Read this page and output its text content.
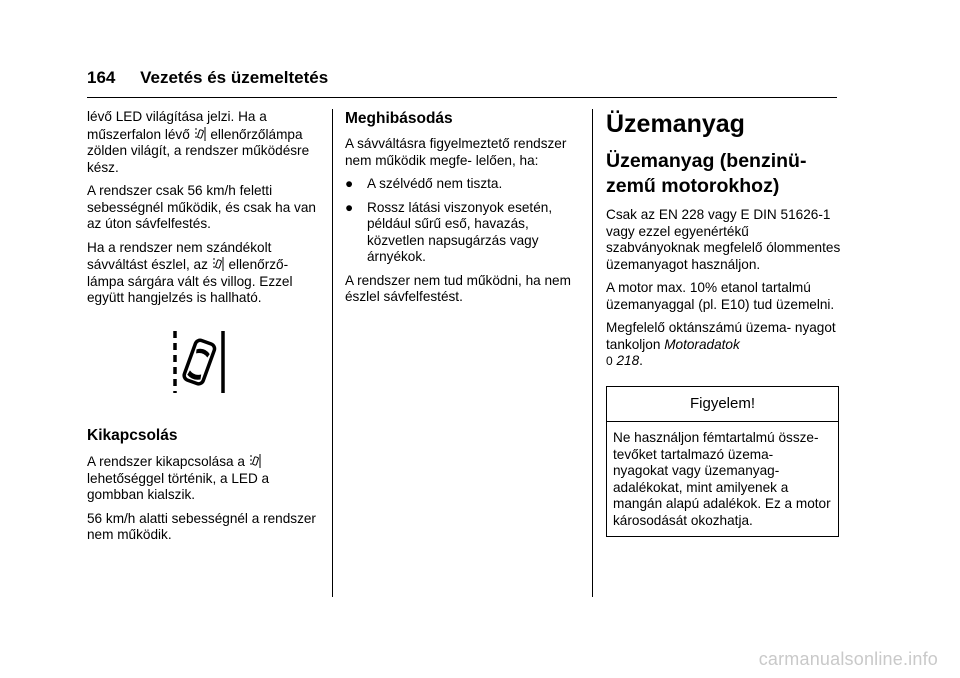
164 Vezetés és üzemeltetés

lévő LED világítása jelzi. Ha a műszerfalon lévő ellenőrzőlámpa zölden világít, a rendszer működésre kész.

A rendszer csak 56 km/h feletti sebességnél működik, és csak ha van az úton sávfelfestés.

Ha a rendszer nem szándékolt sávváltást észlel, az ellenőrző- lámpa sárgára vált és villog. Ezzel együtt hangjelzés is hallható.

Kikapcsolás

A rendszer kikapcsolása a  lehetőséggel történik, a LED a gombban kialszik.

56 km/h alatti sebességnél a rendszer nem működik.

Meghibásodás

A sávváltásra figyelmeztető rendszer nem működik megfe- lelően, ha:

●	A szélvédő nem tiszta.
●	Rossz látási viszonyok esetén, például sűrű eső, havazás, közvetlen napsugárzás vagy árnyékok.

A rendszer nem tud működni, ha nem észlel sávfelfestést.

Üzemanyag
Üzemanyag (benzinü- zemű motorokhoz)

Csak az EN 228 vagy E DIN 51626-1 vagy ezzel egyenértékű szabványoknak megfelelő ólommentes üzemanyagot használjon.

A motor max. 10% etanol tartalmú üzemanyaggal (pl. E10) tud üzemelni.

Megfelelő oktánszámú üzema- nyagot tankoljon Motoradatok
0 218.

Figyelem!
Ne használjon fémtartalmú össze- tevőket tartalmazó üzema- nyagokat vagy üzemanyag-adalékokat, mint amilyenek a mangán alapú adalékok. Ez a motor károsodását okozhatja.
carmanualsonline.info
